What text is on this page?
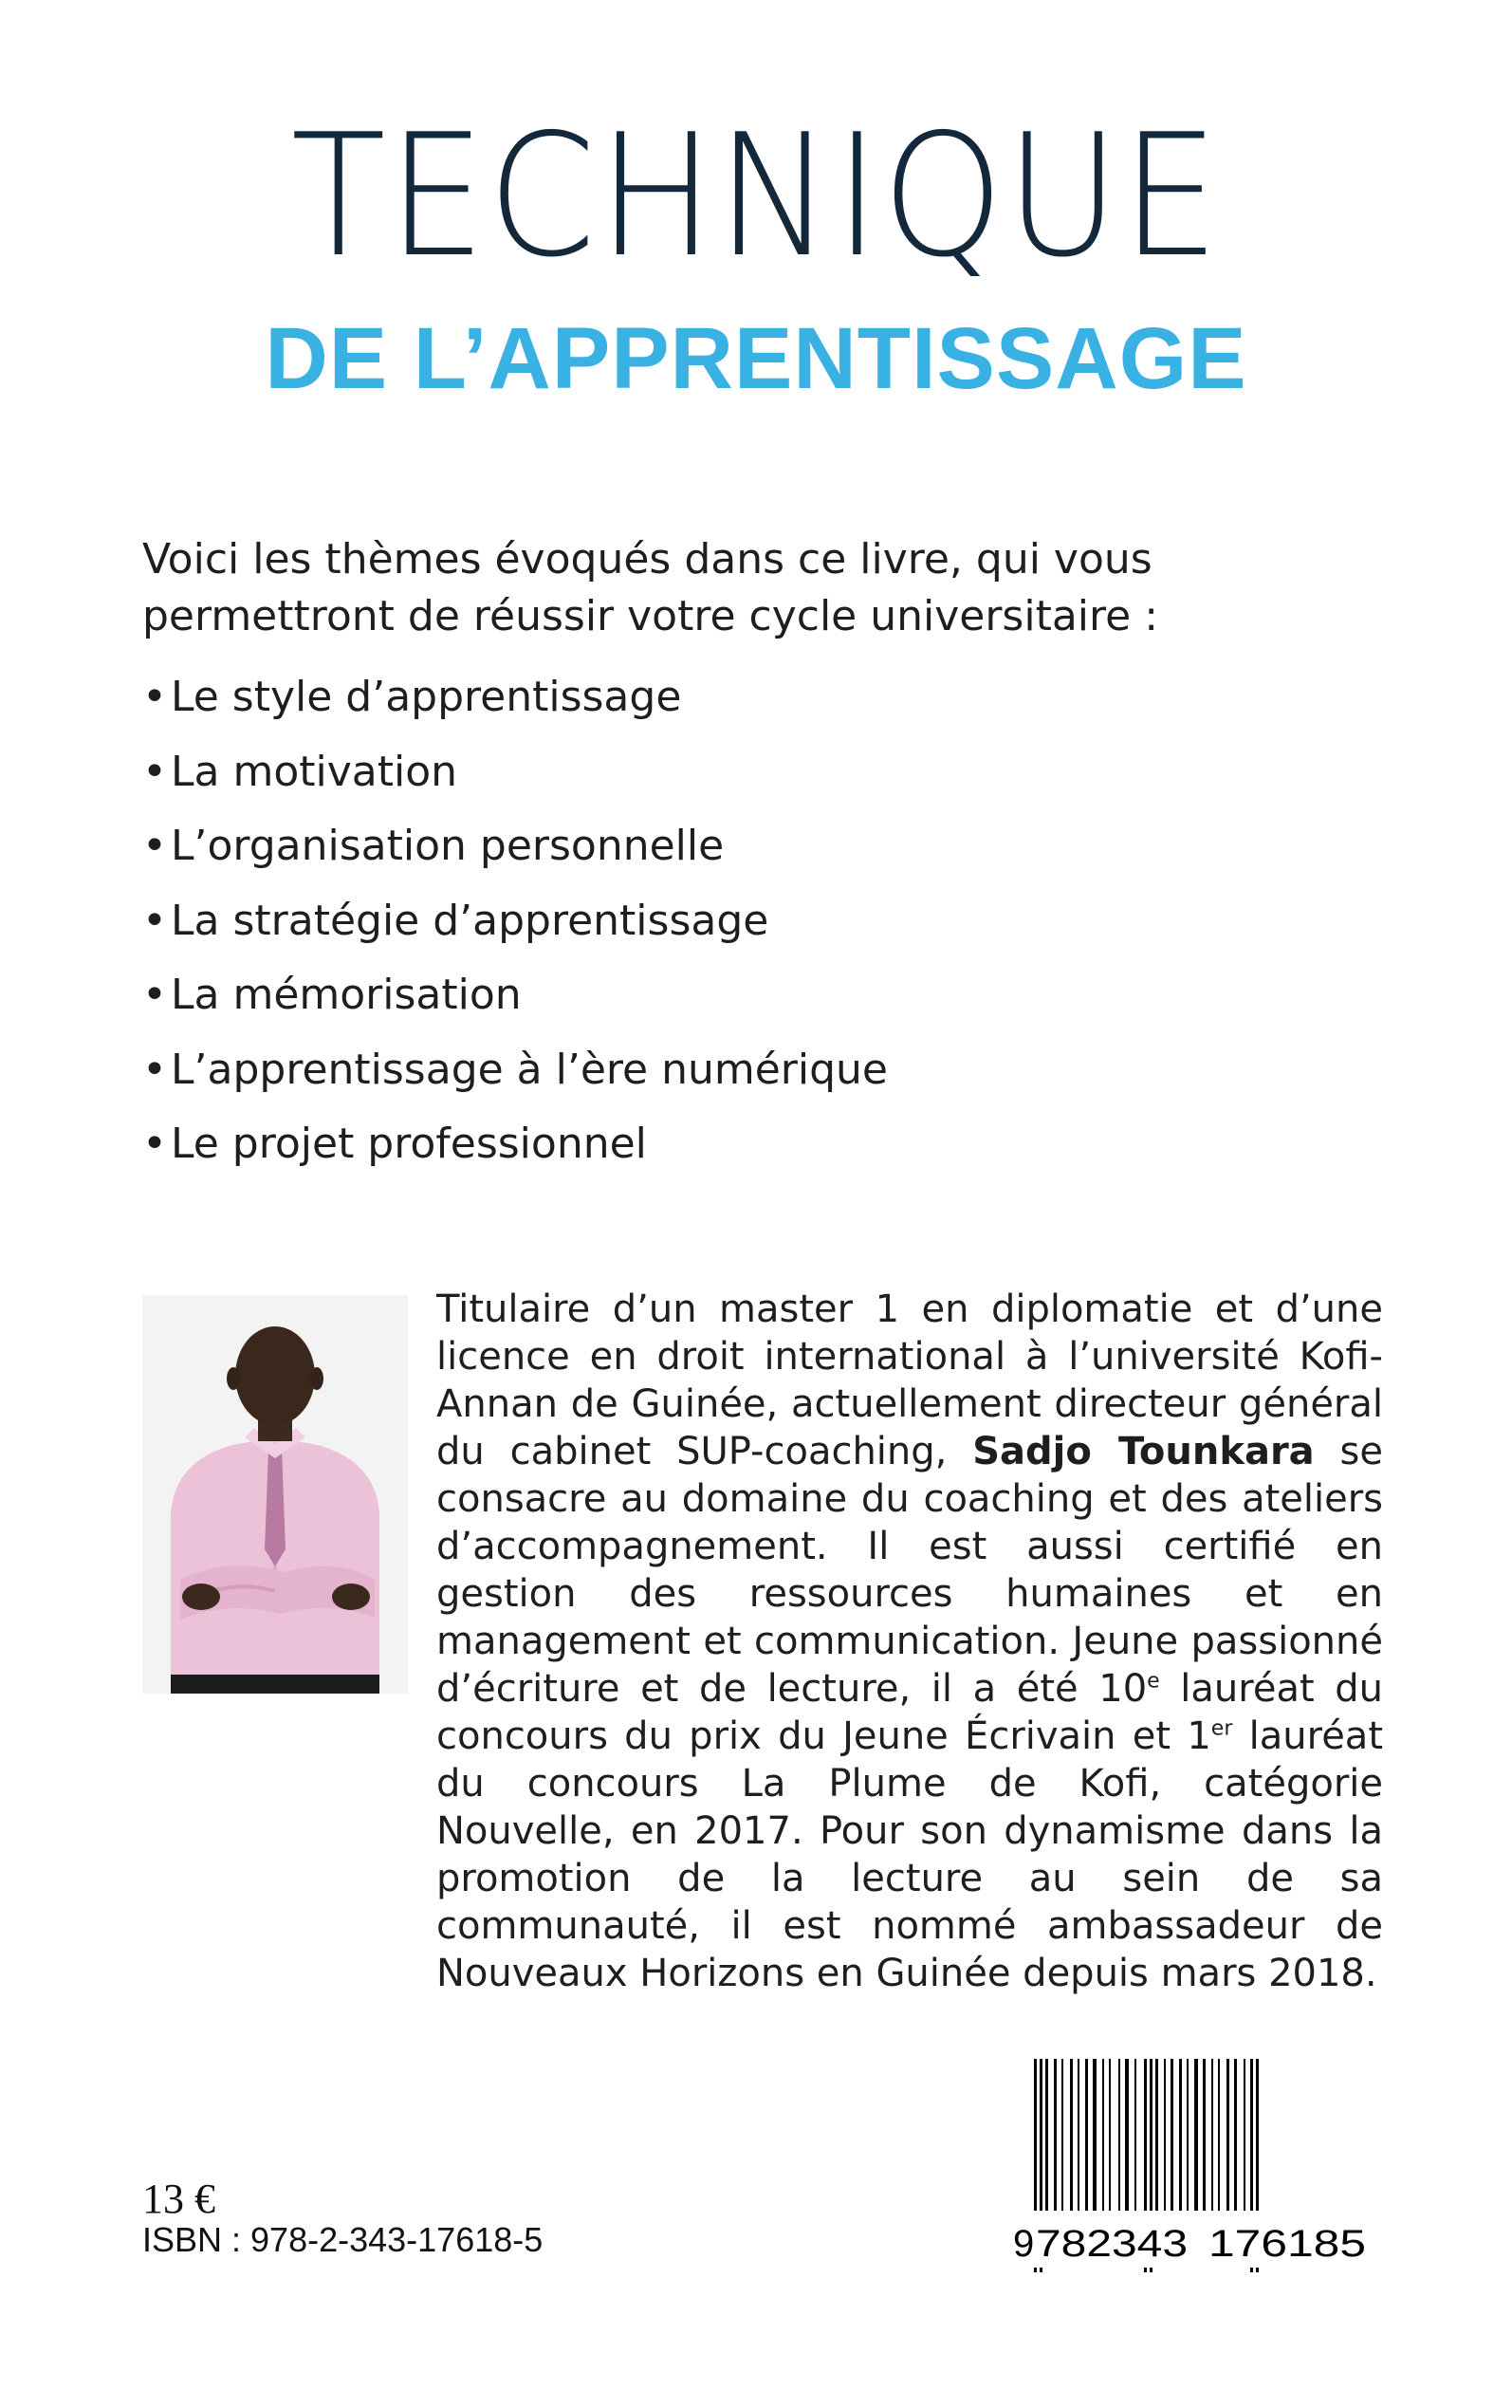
TECHNIQUE
DE L’APPRENTISSAGE
Voici les thèmes évoqués dans ce livre, qui vous permettront de réussir votre cycle universitaire :
•Le style d’apprentissage
•La motivation
•L’organisation personnelle
•La stratégie d’apprentissage
•La mémorisation
•L’apprentissage à l’ère numérique
•Le projet professionnel
Titulaire d’un master 1 en diplomatie et d’une licence en droit international à l’université Kofi-Annan de Guinée, actuellement directeur général du cabinet SUP-coaching, Sadjo Tounkara se consacre au domaine du coaching et des ateliers d’accompagnement. Il est aussi certifié en gestion des ressources humaines et en management et communication. Jeune passionné d’écriture et de lecture, il a été 10e lauréat du concours du prix du Jeune Écrivain et 1er lauréat du concours La Plume de Kofi, catégorie Nouvelle, en 2017. Pour son dynamisme dans la promotion de la lecture au sein de sa communauté, il est nommé ambassadeur de Nouveaux Horizons en Guinée depuis mars 2018.
13 €
ISBN : 978-2-343-17618-5	9 782343 176185
